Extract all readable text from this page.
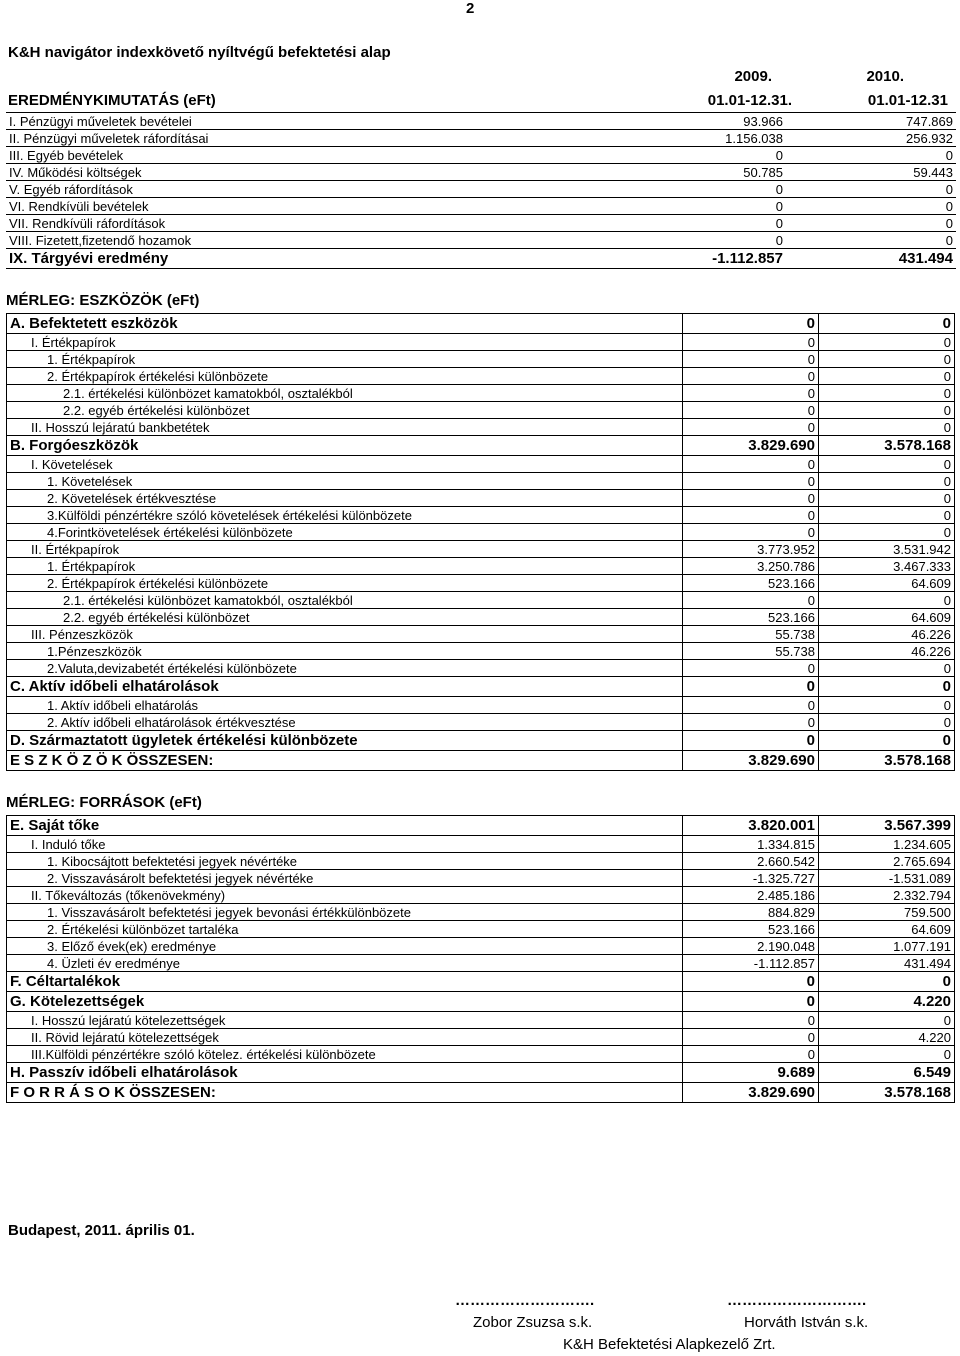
2
K&H navigátor indexkövető nyíltvégű befektetési alap
2009.	2010.
EREDMÉNYKIMUTATÁS (eFt)	01.01-12.31.	01.01-12.31
I. Pénzügyi műveletek bevételei	93.966	747.869
II. Pénzügyi műveletek ráfordításai	1.156.038	256.932
III. Egyéb bevételek	0	0
IV. Működési költségek	50.785	59.443
V. Egyéb ráfordítások	0	0
VI. Rendkívüli bevételek	0	0
VII. Rendkívüli ráfordítások	0	0
VIII. Fizetett,fizetendő hozamok	0	0
IX. Tárgyévi eredmény	-1.112.857	431.494
MÉRLEG: ESZKÖZÖK (eFt)
A. Befektetett eszközök	0	0
I. Értékpapírok	0	0
1. Értékpapírok	0	0
2. Értékpapírok értékelési különbözete	0	0
2.1. értékelési különbözet kamatokból, osztalékból	0	0
2.2. egyéb értékelési különbözet	0	0
II. Hosszú lejáratú bankbetétek	0	0
B. Forgóeszközök	3.829.690	3.578.168
I. Követelések	0	0
1. Követelések	0	0
2. Követelések értékvesztése	0	0
3.Külföldi pénzértékre szóló követelések értékelési különbözete	0	0
4.Forintkövetelések értékelési különbözete	0	0
II. Értékpapírok	3.773.952	3.531.942
1. Értékpapírok	3.250.786	3.467.333
2. Értékpapírok értékelési különbözete	523.166	64.609
2.1. értékelési különbözet kamatokból, osztalékból	0	0
2.2. egyéb értékelési különbözet	523.166	64.609
III. Pénzeszközök	55.738	46.226
1.Pénzeszközök	55.738	46.226
2.Valuta,devizabetét értékelési különbözete	0	0
C. Aktív időbeli elhatárolások	0	0
1. Aktív időbeli elhatárolás	0	0
2. Aktív időbeli elhatárolások értékvesztése	0	0
D. Származtatott ügyletek értékelési különbözete	0	0
E S Z K Ö Z Ö K ÖSSZESEN:	3.829.690	3.578.168
MÉRLEG: FORRÁSOK (eFt)
E. Saját tőke	3.820.001	3.567.399
I. Induló tőke	1.334.815	1.234.605
1. Kibocsájtott befektetési jegyek névértéke	2.660.542	2.765.694
2. Visszavásárolt befektetési jegyek névértéke	-1.325.727	-1.531.089
II. Tőkeváltozás (tőkenövekmény)	2.485.186	2.332.794
1. Visszavásárolt befektetési jegyek bevonási értékkülönbözete	884.829	759.500
2. Értékelési különbözet tartaléka	523.166	64.609
3. Előző évek(ek) eredménye	2.190.048	1.077.191
4. Üzleti év eredménye	-1.112.857	431.494
F. Céltartalékok	0	0
G. Kötelezettségek	0	4.220
I. Hosszú lejáratú kötelezettségek	0	0
II. Rövid lejáratú kötelezettségek	0	4.220
III.Külföldi pénzértékre szóló kötelez. értékelési különbözete	0	0
H. Passzív időbeli elhatárolások	9.689	6.549
F O R R Á S O K ÖSSZESEN:	3.829.690	3.578.168
Budapest, 2011. április 01.
……………………….	……………………….
Zobor Zsuzsa s.k.	Horváth István s.k.
K&H Befektetési Alapkezelő Zrt.
